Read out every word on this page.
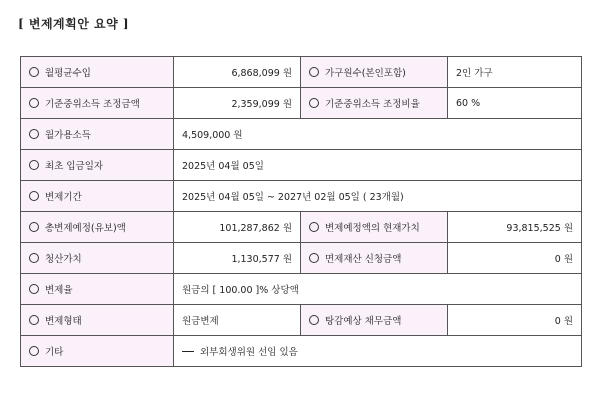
[ 변제계획안 요약 ]
월평균수입	6,868,099 원	가구원수(본인포함)	2인 가구
기준중위소득 조정금액	2,359,099 원	기준중위소득 조정비율	60 %
월가용소득	4,509,000 원		
최초 입금일자	2025년 04월 05일		
변제기간	2025년 04월 05일 ~ 2027년 02월 05일 ( 23개월)		
총변제예정(유보)액	101,287,862 원	변제예정액의 현재가치	93,815,525 원
청산가치	1,130,577 원	면제재산 신청금액	0 원
변제율	원금의 [ 100.00 ]% 상당액		
변제형태	원금변제	탕감예상 채무금액	0 원
기타	외부회생위원 선임 있음		
